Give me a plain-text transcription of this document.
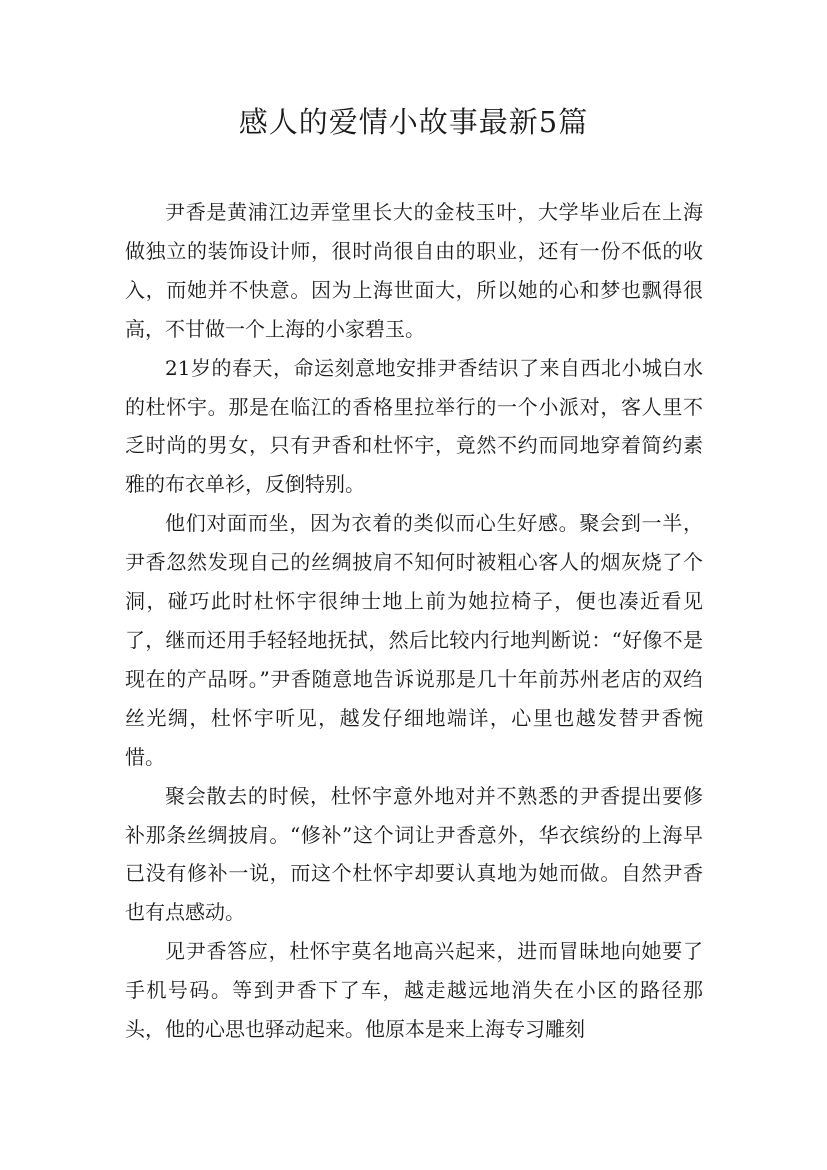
感人的爱情小故事最新5篇

尹香是黄浦江边弄堂里长大的金枝玉叶，大学毕业后在上海做独立的装饰设计师，很时尚很自由的职业，还有一份不低的收入，而她并不快意。因为上海世面大，所以她的心和梦也飘得很高，不甘做一个上海的小家碧玉。

21岁的春天，命运刻意地安排尹香结识了来自西北小城白水的杜怀宇。那是在临江的香格里拉举行的一个小派对，客人里不乏时尚的男女，只有尹香和杜怀宇，竟然不约而同地穿着简约素雅的布衣单衫，反倒特别。

他们对面而坐，因为衣着的类似而心生好感。聚会到一半，尹香忽然发现自己的丝绸披肩不知何时被粗心客人的烟灰烧了个洞，碰巧此时杜怀宇很绅士地上前为她拉椅子，便也凑近看见了，继而还用手轻轻地抚拭，然后比较内行地判断说：“好像不是现在的产品呀。”尹香随意地告诉说那是几十年前苏州老店的双绉丝光绸，杜怀宇听见，越发仔细地端详，心里也越发替尹香惋惜。

聚会散去的时候，杜怀宇意外地对并不熟悉的尹香提出要修补那条丝绸披肩。“修补”这个词让尹香意外，华衣缤纷的上海早已没有修补一说，而这个杜怀宇却要认真地为她而做。自然尹香也有点感动。

见尹香答应，杜怀宇莫名地高兴起来，进而冒昧地向她要了手机号码。等到尹香下了车，越走越远地消失在小区的路径那头，他的心思也驿动起来。他原本是来上海专习雕刻
